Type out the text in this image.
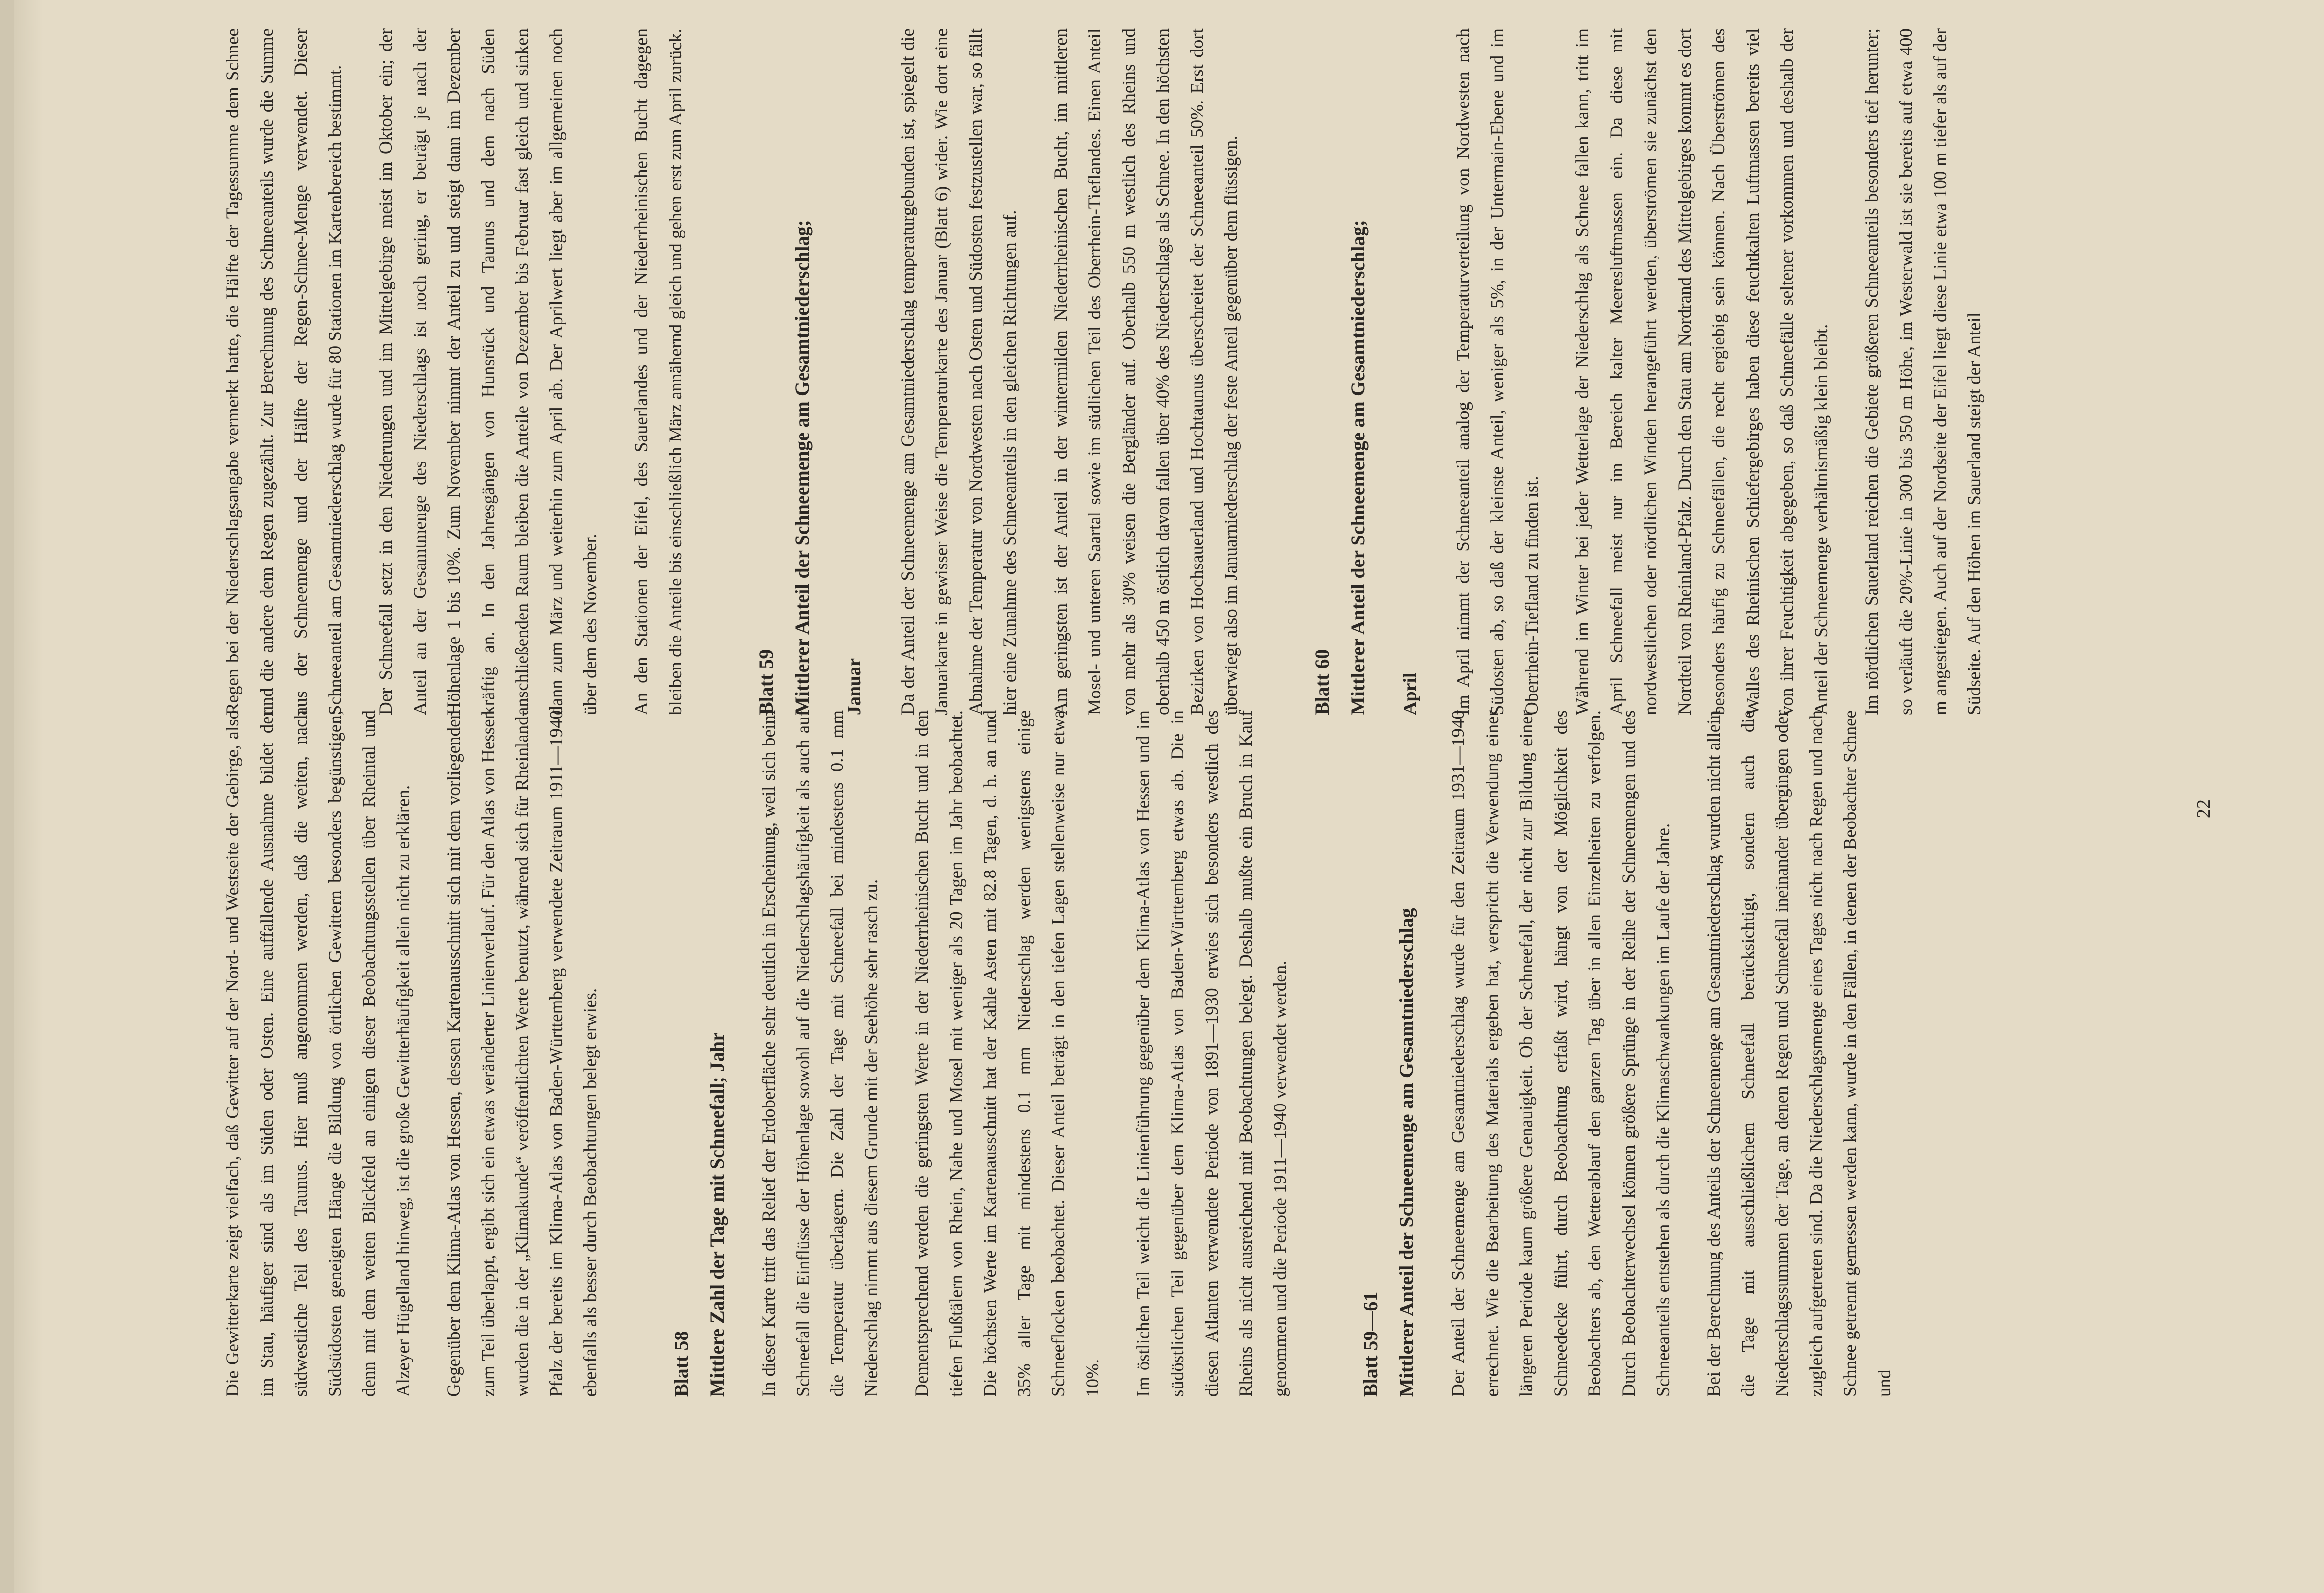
Die Gewitterkarte zeigt vielfach, daß Gewitter auf der Nord- und Westseite der Gebirge, also im Stau, häufiger sind als im Süden oder Osten. Eine auffallende Ausnahme bildet der südwestliche Teil des Taunus. Hier muß angenommen werden, daß die weiten, nach Südsüdosten geneigten Hänge die Bildung von örtlichen Gewittern besonders begünstigen; denn mit dem weiten Blickfeld an einigen dieser Beobachtungsstellen über Rheintal und Alzeyer Hügelland hinweg, ist die große Gewitterhäufigkeit allein nicht zu erklären.	Gegenüber dem Klima-Atlas von Hessen, dessen Kartenausschnitt sich mit dem vorliegenden zum Teil überlappt, ergibt sich ein etwas veränderter Linienverlauf. Für den Atlas von Hessen wurden die in der „Klimakunde“ veröffentlichten Werte benutzt, während sich für Rheinland-Pfalz der bereits im Klima-Atlas von Baden-Württemberg verwendete Zeitraum 1911—1940 ebenfalls als besser durch Beobachtungen belegt erwies.	Blatt 58 Mittlere Zahl der Tage mit Schneefall; Jahr	In dieser Karte tritt das Relief der Erdoberfläche sehr deutlich in Erscheinung, weil sich beim Schneefall die Einflüsse der Höhenlage sowohl auf die Niederschlagshäufigkeit als auch auf die Temperatur überlagern. Die Zahl der Tage mit Schneefall bei mindestens 0.1 mm Niederschlag nimmt aus diesem Grunde mit der Seehöhe sehr rasch zu.	Dementsprechend werden die geringsten Werte in der Niederrheinischen Bucht und in den tiefen Flußtälern von Rhein, Nahe und Mosel mit weniger als 20 Tagen im Jahr beobachtet. Die höchsten Werte im Kartenausschnitt hat der Kahle Asten mit 82.8 Tagen, d. h. an rund 35% aller Tage mit mindestens 0.1 mm Niederschlag werden wenigstens einige Schneeflocken beobachtet. Dieser Anteil beträgt in den tiefen Lagen stellenweise nur etwa 10%.	Im östlichen Teil weicht die Linienführung gegenüber dem Klima-Atlas von Hessen und im südöstlichen Teil gegenüber dem Klima-Atlas von Baden-Württemberg etwas ab. Die in diesen Atlanten verwendete Periode von 1891—1930 erwies sich besonders westlich des Rheins als nicht ausreichend mit Beobachtungen belegt. Deshalb mußte ein Bruch in Kauf genommen und die Periode 1911—1940 verwendet werden.	Blatt 59—61 Mittlerer Anteil der Schneemenge am Gesamtniederschlag	Der Anteil der Schneemenge am Gesamtniederschlag wurde für den Zeitraum 1931—1940 errechnet. Wie die Bearbeitung des Materials ergeben hat, verspricht die Verwendung einer längeren Periode kaum größere Genauigkeit. Ob der Schneefall, der nicht zur Bildung einer Schneedecke führt, durch Beobachtung erfaßt wird, hängt von der Möglichkeit des Beobachters ab, den Wetterablauf den ganzen Tag über in allen Einzelheiten zu verfolgen. Durch Beobachterwechsel können größere Sprünge in der Reihe der Schneemengen und des Schneeanteils entstehen als durch die Klimaschwankungen im Laufe der Jahre.	Bei der Berechnung des Anteils der Schneemenge am Gesamtniederschlag wurden nicht allein die Tage mit ausschließlichem Schneefall berücksichtigt, sondern auch die Niederschlagssummen der Tage, an denen Regen und Schneefall ineinander übergingen oder zugleich aufgetreten sind. Da die Niederschlagsmenge eines Tages nicht nach Regen und nach Schnee getrennt gemessen werden kann, wurde in den Fällen, in denen der Beobachter Schnee und

Regen bei der Niederschlagsangabe vermerkt hatte, die Hälfte der Tagessumme dem Schnee und die andere dem Regen zugezählt. Zur Berechnung des Schneeanteils wurde die Summe aus der Schneemenge und der Hälfte der Regen-Schnee-Menge verwendet. Dieser Schneeanteil am Gesamtniederschlag wurde für 80 Stationen im Kartenbereich bestimmt.	Der Schneefall setzt in den Niederungen und im Mittelgebirge meist im Oktober ein; der Anteil an der Gesamtmenge des Niederschlags ist noch gering, er beträgt je nach der Höhenlage 1 bis 10%. Zum November nimmt der Anteil zu und steigt dann im Dezember kräftig an. In den Jahresgängen von Hunsrück und Taunus und dem nach Süden anschließenden Raum bleiben die Anteile von Dezember bis Februar fast gleich und sinken dann zum März und weiterhin zum April ab. Der Aprilwert liegt aber im allgemeinen noch über dem des November.	An den Stationen der Eifel, des Sauerlandes und der Niederrheinischen Bucht dagegen bleiben die Anteile bis einschließlich März annähernd gleich und gehen erst zum April zurück.	Blatt 59 Mittlerer Anteil der Schneemenge am Gesamtniederschlag;	Januar	Da der Anteil der Schneemenge am Gesamtniederschlag temperaturgebunden ist, spiegelt die Januarkarte in gewisser Weise die Temperaturkarte des Januar (Blatt 6) wider. Wie dort eine Abnahme der Temperatur von Nordwesten nach Osten und Südosten festzustellen war, so fällt hier eine Zunahme des Schneeanteils in den gleichen Richtungen auf.	Am geringsten ist der Anteil in der wintermilden Niederrheinischen Bucht, im mittleren Mosel- und unteren Saartal sowie im südlichen Teil des Oberrhein-Tieflandes. Einen Anteil von mehr als 30% weisen die Bergländer auf. Oberhalb 550 m westlich des Rheins und oberhalb 450 m östlich davon fallen über 40% des Niederschlags als Schnee. In den höchsten Bezirken von Hochsauerland und Hochtaunus überschreitet der Schneeanteil 50%. Erst dort überwiegt also im Januarniederschlag der feste Anteil gegenüber dem flüssigen.	Blatt 60 Mittlerer Anteil der Schneemenge am Gesamtniederschlag;	April	Im April nimmt der Schneeanteil analog der Temperaturverteilung von Nordwesten nach Südosten ab, so daß der kleinste Anteil, weniger als 5%, in der Untermain-Ebene und im Oberrhein-Tiefland zu finden ist.	Während im Winter bei jeder Wetterlage der Niederschlag als Schnee fallen kann, tritt im April Schneefall meist nur im Bereich kalter Meeresluftmassen ein. Da diese mit nordwestlichen oder nördlichen Winden herangeführt werden, überströmen sie zunächst den Nordteil von Rheinland-Pfalz. Durch den Stau am Nordrand des Mittelgebirges kommt es dort besonders häufig zu Schneefällen, die recht ergiebig sein können. Nach Überströmen des Walles des Rheinischen Schiefergebirges haben diese feuchtkalten Luftmassen bereits viel von ihrer Feuchtigkeit abgegeben, so daß Schneefälle seltener vorkommen und deshalb der Anteil der Schneemenge verhältnismäßig klein bleibt.	Im nördlichen Sauerland reichen die Gebiete größeren Schneeanteils besonders tief herunter; so verläuft die 20%-Linie in 300 bis 350 m Höhe, im Westerwald ist sie bereits auf etwa 400 m angestiegen. Auch auf der Nordseite der Eifel liegt diese Linie etwa 100 m tiefer als auf der Südseite. Auf den Höhen im Sauerland steigt der Anteil

22
